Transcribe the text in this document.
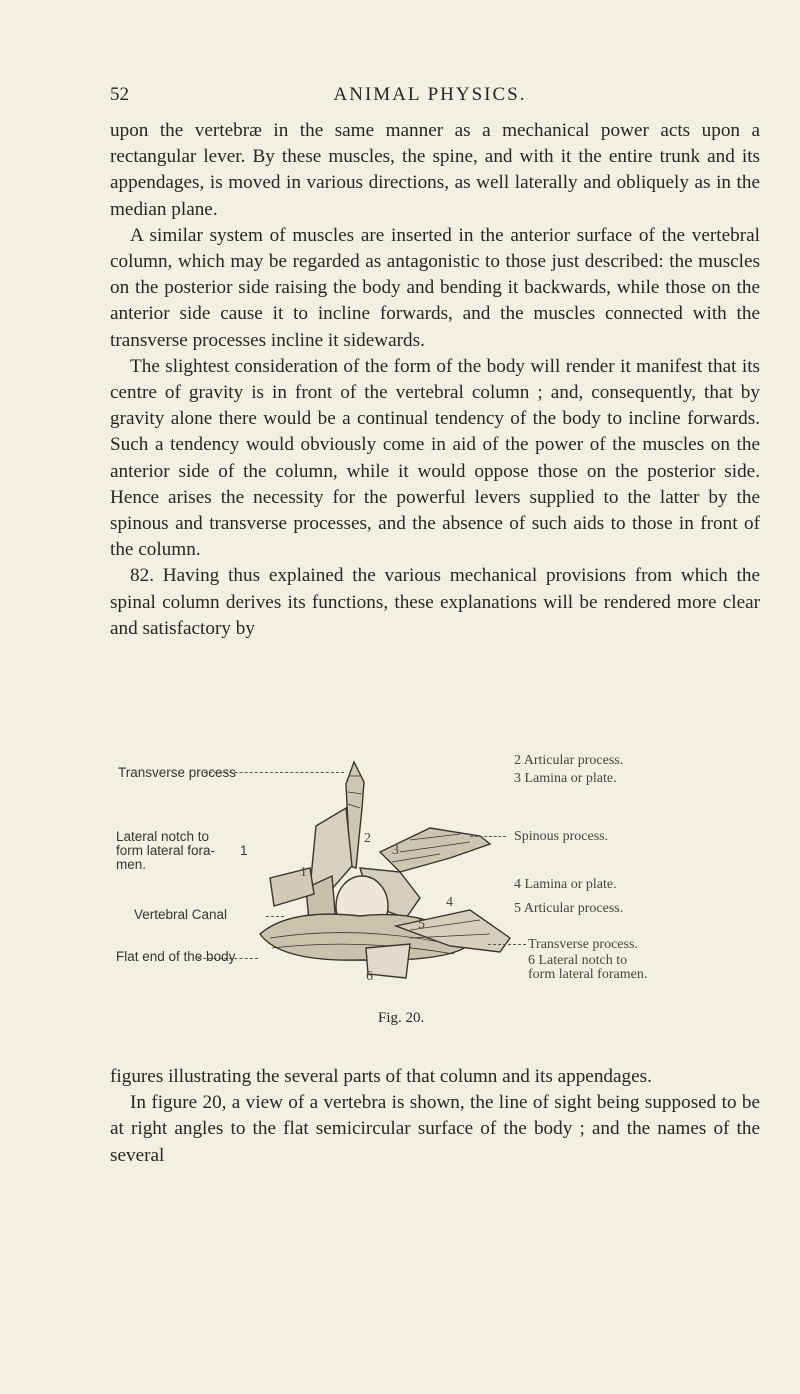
52	ANIMAL PHYSICS.

upon the vertebræ in the same manner as a mechanical power acts upon a rectangular lever. By these muscles, the spine, and with it the entire trunk and its appendages, is moved in various directions, as well laterally and obliquely as in the median plane.

A similar system of muscles are inserted in the anterior surface of the vertebral column, which may be regarded as antagonistic to those just described: the muscles on the posterior side raising the body and bending it backwards, while those on the anterior side cause it to incline forwards, and the muscles connected with the transverse processes incline it sidewards.

The slightest consideration of the form of the body will render it manifest that its centre of gravity is in front of the vertebral column ; and, consequently, that by gravity alone there would be a continual tendency of the body to incline forwards. Such a tendency would obviously come in aid of the power of the muscles on the anterior side of the column, while it would oppose those on the posterior side. Hence arises the necessity for the powerful levers supplied to the latter by the spinous and transverse processes, and the absence of such aids to those in front of the column.

82. Having thus explained the various mechanical provisions from which the spinal column derives its functions, these explanations will be rendered more clear and satisfactory by

Transverse process
Lateral notch to
form lateral fora-
men.
1
Vertebral Canal
Flat end of the body
1
2
3
4
5
6
2 Articular process.
3 Lamina or plate.
Spinous process.
4 Lamina or plate.
5 Articular process.
Transverse process.
6 Lateral notch to
form lateral foramen.
Fig. 20.

figures illustrating the several parts of that column and its appendages.

In figure 20, a view of a vertebra is shown, the line of sight being supposed to be at right angles to the flat semicircular surface of the body ; and the names of the several
